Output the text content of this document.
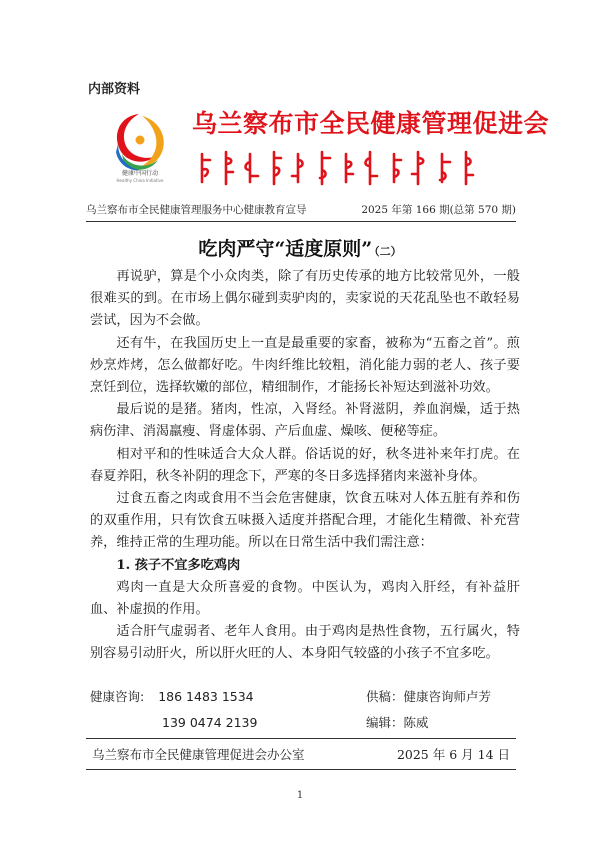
内部资料
健康中国行动
Healthy China Initiative
乌兰察布市全民健康管理促进会
乌兰察布市全民健康管理服务中心健康教育宣导	2025 年第 166 期(总第 570 期)
吃肉严守“适度原则” （二）

再说驴，算是个小众肉类，除了有历史传承的地方比较常见外，一般很难买的到。在市场上偶尔碰到卖驴肉的，卖家说的天花乱坠也不敢轻易尝试，因为不会做。

还有牛，在我国历史上一直是最重要的家畜，被称为“五畜之首”。煎炒烹炸烤，怎么做都好吃。牛肉纤维比较粗，消化能力弱的老人、孩子要烹饪到位，选择软嫩的部位，精细制作，才能扬长补短达到滋补功效。

最后说的是猪。猪肉，性凉，入肾经。补肾滋阴，养血润燥，适于热病伤津、消渴羸瘦、肾虚体弱、产后血虚、燥咳、便秘等症。

相对平和的性味适合大众人群。俗话说的好，秋冬进补来年打虎。在春夏养阳，秋冬补阴的理念下，严寒的冬日多选择猪肉来滋补身体。

过食五畜之肉或食用不当会危害健康，饮食五味对人体五脏有养和伤的双重作用，只有饮食五味摄入适度并搭配合理，才能化生精微、补充营养，维持正常的生理功能。所以在日常生活中我们需注意：

1. 孩子不宜多吃鸡肉

鸡肉一直是大众所喜爱的食物。中医认为，鸡肉入肝经，有补益肝血、补虚损的作用。

适合肝气虚弱者、老年人食用。由于鸡肉是热性食物，五行属火，特别容易引动肝火，所以肝火旺的人、本身阳气较盛的小孩子不宜多吃。

健康咨询: 186 1483 1534	供稿：健康咨询师卢芳
139 0474 2139	编辑：陈威
乌兰察布市全民健康管理促进会办公室	2025 年 6 月 14 日
1
